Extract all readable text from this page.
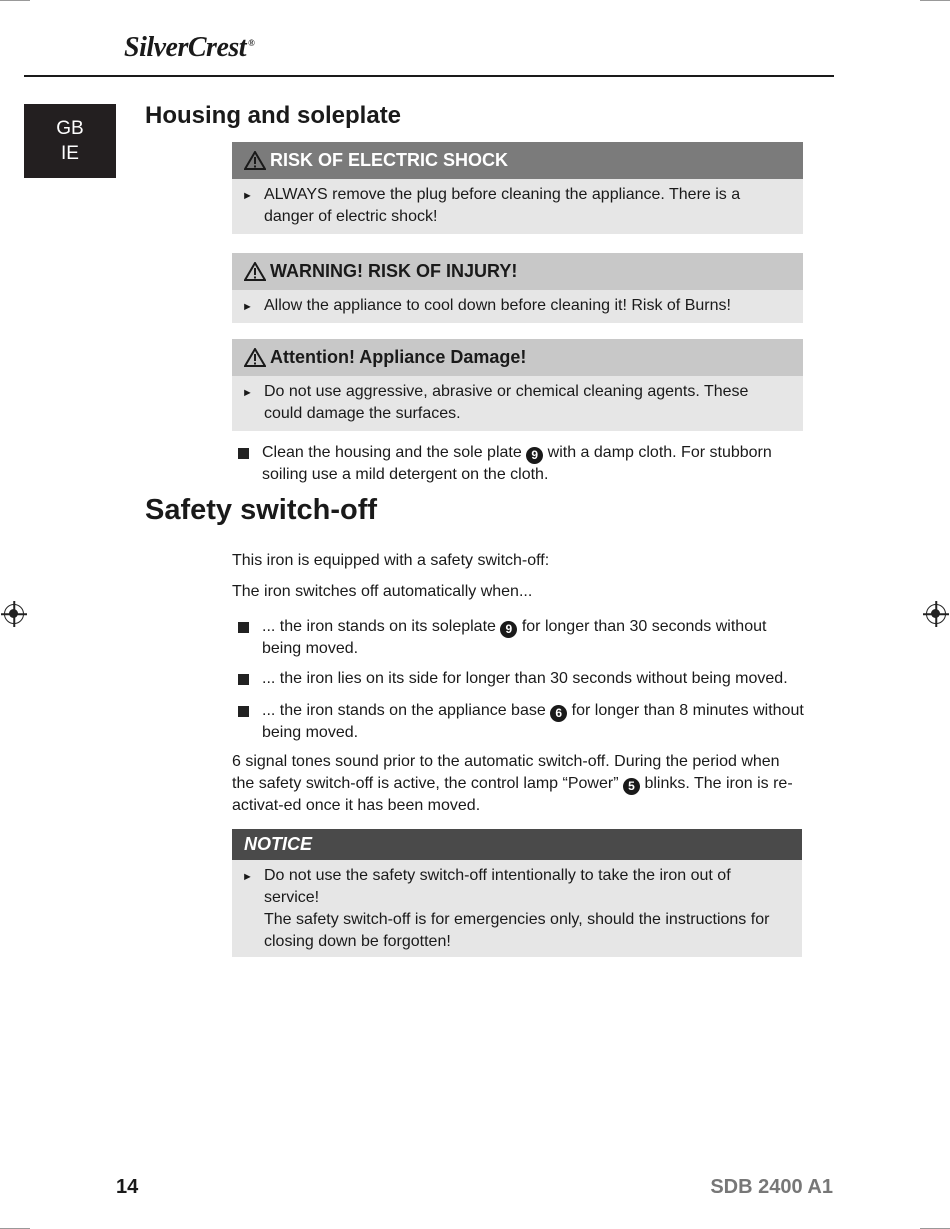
SilverCrest ®
GB
IE
Housing and soleplate
RISK OF ELECTRIC SHOCK
► ALWAYS remove the plug before cleaning the appliance. There is a danger of electric shock!
WARNING! RISK OF INJURY!
► Allow the appliance to cool down before cleaning it! Risk of Burns!
Attention! Appliance Damage!
► Do not use aggressive, abrasive or chemical cleaning agents. These could damage the surfaces.
Clean the housing and the sole plate 9 with a damp cloth. For stubborn soiling use a mild detergent on the cloth.
Safety switch-off

This iron is equipped with a safety switch-off:

The iron switches off automatically when...

... the iron stands on its soleplate 9 for longer than 30 seconds without being moved.
... the iron lies on its side for longer than 30 seconds without being moved.
... the iron stands on the appliance base 6 for longer than 8 minutes without being moved.

6 signal tones sound prior to the automatic switch-off. During the period when the safety switch-off is active, the control lamp “Power” 5 blinks. The iron is re-activat-ed once it has been moved.

NOTICE
► Do not use the safety switch-off intentionally to take the iron out of service!
The safety switch-off is for emergencies only, should the instructions for closing down be forgotten!
14	SDB 2400 A1
